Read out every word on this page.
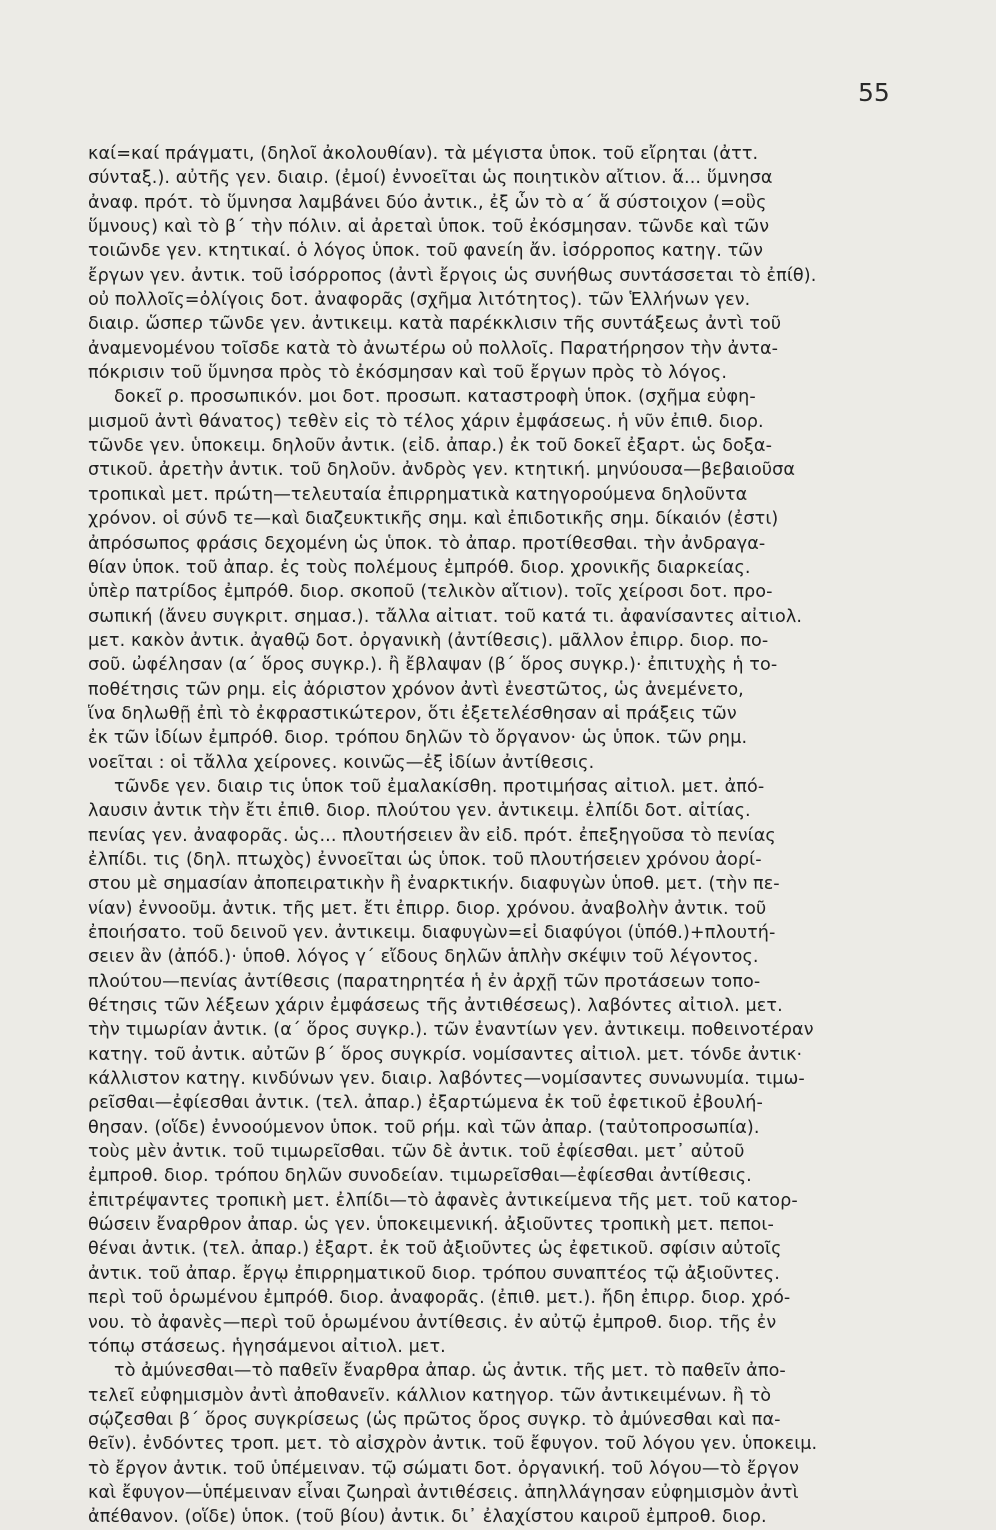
55
καί=καί πράγματι, (δηλοῖ ἀκολουθίαν). τὰ μέγιστα ὑποκ. τοῦ εἴρηται (ἀττ.
σύνταξ.). αὐτῆς γεν. διαιρ. (ἐμοί) ἐννοεῖται ὡς ποιητικὸν αἴτιον. ἅ... ὕμνησα
ἀναφ. πρότ. τὸ ὕμνησα λαμβάνει δύο ἀντικ., ἐξ ὧν τὸ α΄ ἅ σύστοιχον (=οὓς
ὕμνους) καὶ τὸ β΄ τὴν πόλιν. αἱ ἀρεταὶ ὑποκ. τοῦ ἐκόσμησαν. τῶνδε καὶ τῶν
τοιῶνδε γεν. κτητικαί. ὁ λόγος ὑποκ. τοῦ φανείη ἄν. ἰσόρροπος κατηγ. τῶν
ἔργων γεν. ἀντικ. τοῦ ἰσόρροπος (ἀντὶ ἔργοις ὡς συνήθως συντάσσεται τὸ ἐπίθ).
οὐ πολλοῖς=ὀλίγοις δοτ. ἀναφορᾶς (σχῆμα λιτότητος). τῶν Ἑλλήνων γεν.
διαιρ. ὥσπερ τῶνδε γεν. ἀντικειμ. κατὰ παρέκκλισιν τῆς συντάξεως ἀντὶ τοῦ
ἀναμενομένου τοῖσδε κατὰ τὸ ἀνωτέρω οὐ πολλοῖς. Παρατήρησον τὴν ἀντα-
πόκρισιν τοῦ ὕμνησα πρὸς τὸ ἐκόσμησαν καὶ τοῦ ἔργων πρὸς τὸ λόγος.
δοκεῖ ρ. προσωπικόν. μοι δοτ. προσωπ. καταστροφὴ ὑποκ. (σχῆμα εὐφη-
μισμοῦ ἀντὶ θάνατος) τεθὲν εἰς τὸ τέλος χάριν ἐμφάσεως. ἡ νῦν ἐπιθ. διορ.
τῶνδε γεν. ὑποκειμ. δηλοῦν ἀντικ. (εἰδ. ἀπαρ.) ἐκ τοῦ δοκεῖ ἐξαρτ. ὡς δοξα-
στικοῦ. ἀρετὴν ἀντικ. τοῦ δηλοῦν. ἀνδρὸς γεν. κτητική. μηνύουσα—βεβαιοῦσα
τροπικαὶ μετ. πρώτη—τελευταία ἐπιρρηματικὰ κατηγορούμενα δηλοῦντα
χρόνον. οἱ σύνδ τε—καὶ διαζευκτικῆς σημ. καὶ ἐπιδοτικῆς σημ. δίκαιόν (ἐστι)
ἀπρόσωπος φράσις δεχομένη ὡς ὑποκ. τὸ ἀπαρ. προτίθεσθαι. τὴν ἀνδραγα-
θίαν ὑποκ. τοῦ ἀπαρ. ἐς τοὺς πολέμους ἐμπρόθ. διορ. χρονικῆς διαρκείας.
ὑπὲρ πατρίδος ἐμπρόθ. διορ. σκοποῦ (τελικὸν αἴτιον). τοῖς χείροσι δοτ. προ-
σωπική (ἄνευ συγκριτ. σημασ.). τἄλλα αἰτιατ. τοῦ κατά τι. ἀφανίσαντες αἰτιολ.
μετ. κακὸν ἀντικ. ἀγαθῷ δοτ. ὀργανικὴ (ἀντίθεσις). μᾶλλον ἐπιρρ. διορ. πο-
σοῦ. ὠφέλησαν (α΄ ὅρος συγκρ.). ἢ ἔβλαψαν (β΄ ὅρος συγκρ.)· ἐπιτυχὴς ἡ το-
ποθέτησις τῶν ρημ. εἰς ἀόριστον χρόνον ἀντὶ ἐνεστῶτος, ὡς ἀνεμένετο,
ἵνα δηλωθῇ ἐπὶ τὸ ἐκφραστικώτερον, ὅτι ἐξετελέσθησαν αἱ πράξεις τῶν
ἐκ τῶν ἰδίων ἐμπρόθ. διορ. τρόπου δηλῶν τὸ ὄργανον· ὡς ὑποκ. τῶν ρημ.
νοεῖται : οἱ τἄλλα χείρονες. κοινῶς—ἐξ ἰδίων ἀντίθεσις.
τῶνδε γεν. διαιρ τις ὑποκ τοῦ ἐμαλακίσθη. προτιμήσας αἰτιολ. μετ. ἀπό-
λαυσιν ἀντικ τὴν ἔτι ἐπιθ. διορ. πλούτου γεν. ἀντικειμ. ἐλπίδι δοτ. αἰτίας.
πενίας γεν. ἀναφορᾶς. ὡς... πλουτήσειεν ἂν εἰδ. πρότ. ἐπεξηγοῦσα τὸ πενίας
ἐλπίδι. τις (δηλ. πτωχὸς) ἐννοεῖται ὡς ὑποκ. τοῦ πλουτήσειεν χρόνου ἀορί-
στου μὲ σημασίαν ἀποπειρατικὴν ἢ ἐναρκτικήν. διαφυγὼν ὑποθ. μετ. (τὴν πε-
νίαν) ἐννοοῦμ. ἀντικ. τῆς μετ. ἔτι ἐπιρρ. διορ. χρόνου. ἀναβολὴν ἀντικ. τοῦ
ἐποιήσατο. τοῦ δεινοῦ γεν. ἀντικειμ. διαφυγὼν=εἰ διαφύγοι (ὑπόθ.)+πλουτή-
σειεν ἂν (ἀπόδ.)· ὑποθ. λόγος γ΄ εἴδους δηλῶν ἁπλὴν σκέψιν τοῦ λέγοντος.
πλούτου—πενίας ἀντίθεσις (παρατηρητέα ἡ ἐν ἀρχῇ τῶν προτάσεων τοπο-
θέτησις τῶν λέξεων χάριν ἐμφάσεως τῆς ἀντιθέσεως). λαβόντες αἰτιολ. μετ.
τὴν τιμωρίαν ἀντικ. (α΄ ὅρος συγκρ.). τῶν ἐναντίων γεν. ἀντικειμ. ποθεινοτέραν
κατηγ. τοῦ ἀντικ. αὐτῶν β΄ ὅρος συγκρίσ. νομίσαντες αἰτιολ. μετ. τόνδε ἀντικ·
κάλλιστον κατηγ. κινδύνων γεν. διαιρ. λαβόντες—νομίσαντες συνωνυμία. τιμω-
ρεῖσθαι—ἐφίεσθαι ἀντικ. (τελ. ἀπαρ.) ἐξαρτώμενα ἐκ τοῦ ἐφετικοῦ ἐβουλή-
θησαν. (οἵδε) ἐννοούμενον ὑποκ. τοῦ ρήμ. καὶ τῶν ἀπαρ. (ταὐτοπροσωπία).
τοὺς μὲν ἀντικ. τοῦ τιμωρεῖσθαι. τῶν δὲ ἀντικ. τοῦ ἐφίεσθαι. μετ᾽ αὐτοῦ
ἐμπροθ. διορ. τρόπου δηλῶν συνοδείαν. τιμωρεῖσθαι—ἐφίεσθαι ἀντίθεσις.
ἐπιτρέψαντες τροπικὴ μετ. ἐλπίδι—τὸ ἀφανὲς ἀντικείμενα τῆς μετ. τοῦ κατορ-
θώσειν ἔναρθρον ἀπαρ. ὡς γεν. ὑποκειμενική. ἀξιοῦντες τροπικὴ μετ. πεποι-
θέναι ἀντικ. (τελ. ἀπαρ.) ἐξαρτ. ἐκ τοῦ ἀξιοῦντες ὡς ἐφετικοῦ. σφίσιν αὐτοῖς
ἀντικ. τοῦ ἀπαρ. ἔργῳ ἐπιρρηματικοῦ διορ. τρόπου συναπτέος τῷ ἀξιοῦντες.
περὶ τοῦ ὁρωμένου ἐμπρόθ. διορ. ἀναφορᾶς. (ἐπιθ. μετ.). ἤδη ἐπιρρ. διορ. χρό-
νου. τὸ ἀφανὲς—περὶ τοῦ ὁρωμένου ἀντίθεσις. ἐν αὐτῷ ἐμπροθ. διορ. τῆς ἐν
τόπῳ στάσεως. ἡγησάμενοι αἰτιολ. μετ.
τὸ ἀμύνεσθαι—τὸ παθεῖν ἔναρθρα ἀπαρ. ὡς ἀντικ. τῆς μετ. τὸ παθεῖν ἀπο-
τελεῖ εὐφημισμὸν ἀντὶ ἀποθανεῖν. κάλλιον κατηγορ. τῶν ἀντικειμένων. ἢ τὸ
σῴζεσθαι β΄ ὅρος συγκρίσεως (ὡς πρῶτος ὅρος συγκρ. τὸ ἀμύνεσθαι καὶ πα-
θεῖν). ἐνδόντες τροπ. μετ. τὸ αἰσχρὸν ἀντικ. τοῦ ἔφυγον. τοῦ λόγου γεν. ὑποκειμ.
τὸ ἔργον ἀντικ. τοῦ ὑπέμειναν. τῷ σώματι δοτ. ὀργανική. τοῦ λόγου—τὸ ἔργον
καὶ ἔφυγον—ὑπέμειναν εἶναι ζωηραὶ ἀντιθέσεις. ἀπηλλάγησαν εὐφημισμὸν ἀντὶ
ἀπέθανον. (οἵδε) ὑποκ. (τοῦ βίου) ἀντικ. δι᾽ ἐλαχίστου καιροῦ ἐμπροθ. διορ.
